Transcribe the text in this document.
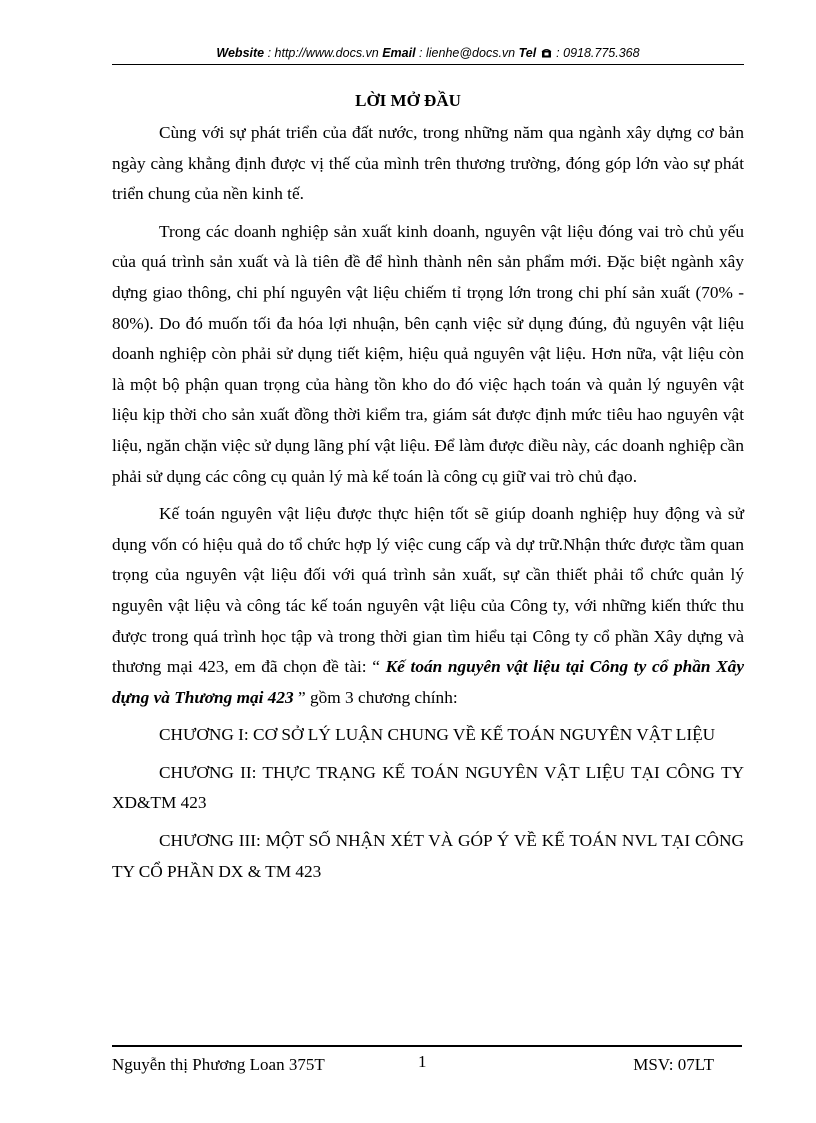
Website : http://www.docs.vn Email : lienhe@docs.vn Tel  : 0918.775.368
LỜI MỞ ĐẦU

Cùng với sự phát triển của đất nước, trong những năm qua ngành xây dựng cơ bản ngày càng khẳng định được vị thế của mình trên thương trường, đóng góp lớn vào sự phát triển chung của nền kinh tế.

Trong các doanh nghiệp sản xuất kinh doanh, nguyên vật liệu đóng vai trò chủ yếu của quá trình sản xuất và là tiên đề để hình thành nên sản phẩm mới. Đặc biệt ngành xây dựng giao thông, chi phí nguyên vật liệu chiếm tỉ trọng lớn trong chi phí sản xuất (70% - 80%). Do đó muốn tối đa hóa lợi nhuận, bên cạnh việc sử dụng đúng, đủ nguyên vật liệu doanh nghiệp còn phải sử dụng tiết kiệm, hiệu quả nguyên vật liệu. Hơn nữa, vật liệu còn là một bộ phận quan trọng của hàng tồn kho do đó việc hạch toán và quản lý nguyên vật liệu kịp thời cho sản xuất đồng thời kiểm tra, giám sát được định mức tiêu hao nguyên vật liệu, ngăn chặn việc sử dụng lãng phí vật liệu. Để làm được điều này, các doanh nghiệp cần phải sử dụng các công cụ quản lý mà kế toán là công cụ giữ vai trò chủ đạo.

Kế toán nguyên vật liệu được thực hiện tốt sẽ giúp doanh nghiệp huy động và sử dụng vốn có hiệu quả do tổ chức hợp lý việc cung cấp và dự trữ.Nhận thức được tầm quan trọng của nguyên vật liệu đối với quá trình sản xuất, sự cần thiết phải tổ chức quản lý nguyên vật liệu và công tác kế toán nguyên vật liệu của Công ty, với những kiến thức thu được trong quá trình học tập và trong thời gian tìm hiểu tại Công ty cổ phần Xây dựng và thương mại 423, em đã chọn đề tài: “ Kế toán nguyên vật liệu tại Công ty cổ phần Xây dựng và Thương mại 423 ” gồm 3 chương chính:

CHƯƠNG I: CƠ SỞ LÝ LUẬN CHUNG VỀ KẾ TOÁN NGUYÊN VẬT LIỆU

CHƯƠNG II: THỰC TRẠNG KẾ TOÁN NGUYÊN VẬT LIỆU TẠI CÔNG TY XD&TM 423

CHƯƠNG III: MỘT SỐ NHẬN XÉT VÀ GÓP Ý VỀ KẾ TOÁN NVL TẠI CÔNG TY CỔ PHẦN DX & TM 423

Nguyễn thị Phương Loan 375T	1	MSV: 07LT
